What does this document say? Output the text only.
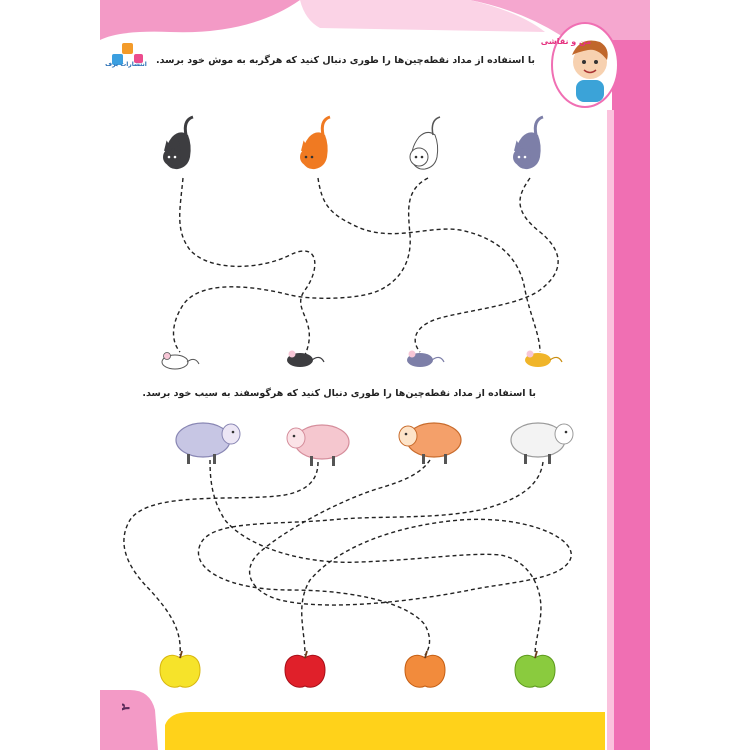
انتشارات برف
من و نقاشی
با استفاده از مداد نقطه‌چین‌ها را طوری دنبال کنید که هرگربه به موش خود برسد.
با استفاده از مداد نقطه‌چین‌ها را طوری دنبال کنید که هرگوسفند به سیب خود برسد.
۲
